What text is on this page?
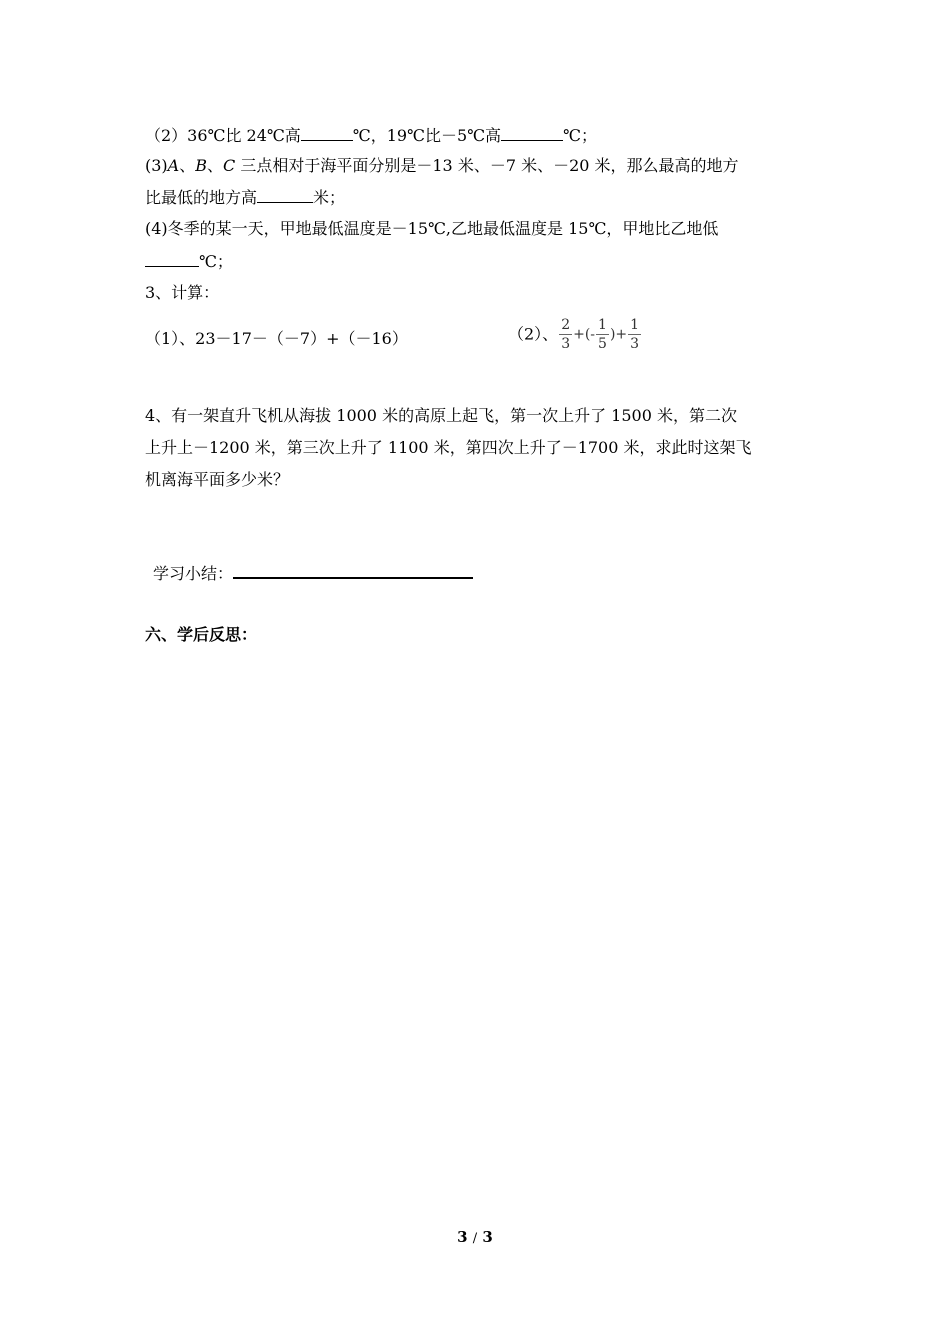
（2）36℃比 24℃高	℃，19℃比－5℃高	℃；
(3)A、B、C 三点相对于海平面分别是－13 米、－7 米、－20 米，那么最高的地方
比最低的地方高	米；
(4)冬季的某一天，甲地最低温度是－15℃,乙地最低温度是 15℃，甲地比乙地低
℃；
3、计算：
（1）、23－17－（－7）+（－16）	（2）、 $\frac{2}{3}$ +(- $\frac{1}{5}$ )+ $\frac{1}{3}$
4、有一架直升飞机从海拔 1000 米的高原上起飞，第一次上升了 1500 米，第二次
上升上－1200 米，第三次上升了 1100 米，第四次上升了－1700 米，求此时这架飞
机离海平面多少米？
学习小结：
六、学后反思：
3 / 3
